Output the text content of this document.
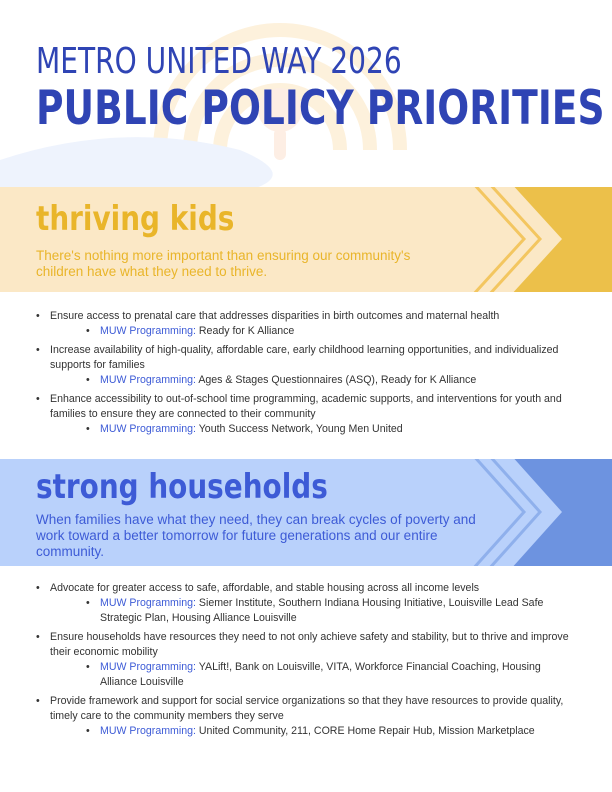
METRO UNITED WAY 2026
PUBLIC POLICY PRIORITIES
thriving kids
There's nothing more important than ensuring our community's children have what they need to thrive.
• Ensure access to prenatal care that addresses disparities in birth outcomes and maternal health
• MUW Programming: Ready for K Alliance
• Increase availability of high-quality, affordable care, early childhood learning opportunities, and individualized supports for families
• MUW Programming: Ages & Stages Questionnaires (ASQ), Ready for K Alliance
• Enhance accessibility to out-of-school time programming, academic supports, and interventions for youth and families to ensure they are connected to their community
• MUW Programming: Youth Success Network, Young Men United
strong households
When families have what they need, they can break cycles of poverty and work toward a better tomorrow for future generations and our entire community.
• Advocate for greater access to safe, affordable, and stable housing across all income levels
• MUW Programming: Siemer Institute, Southern Indiana Housing Initiative, Louisville Lead Safe Strategic Plan, Housing Alliance Louisville
• Ensure households have resources they need to not only achieve safety and stability, but to thrive and improve their economic mobility
• MUW Programming: YALift!, Bank on Louisville, VITA, Workforce Financial Coaching, Housing Alliance Louisville
• Provide framework and support for social service organizations so that they have resources to provide quality, timely care to the community members they serve
• MUW Programming: United Community, 211, CORE Home Repair Hub, Mission Marketplace
